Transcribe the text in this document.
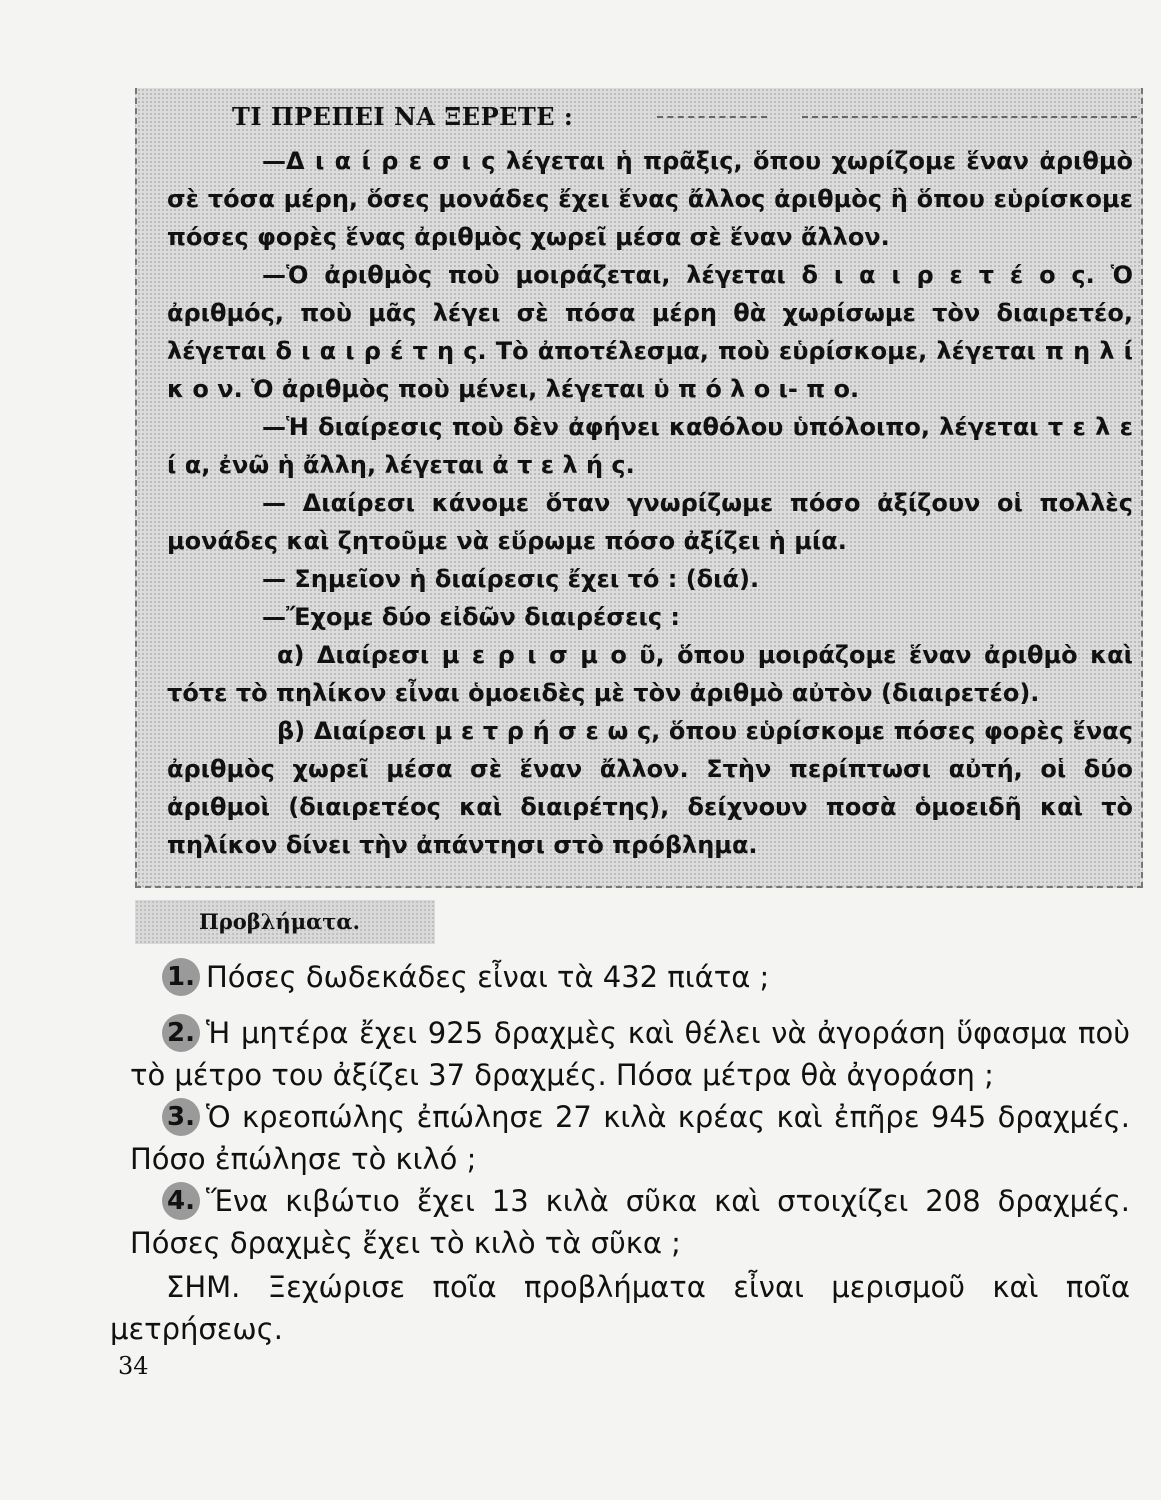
ΤΙ ΠΡΕΠΕΙ ΝΑ ΞΕΡΕΤΕ :

—Δ ι α ί ρ ε σ ι ς λέγεται ἡ πρᾶξις, ὅπου χωρίζομε ἕναν ἀριθμὸ σὲ τόσα μέρη, ὅσες μονάδες ἔχει ἕνας ἄλλος ἀριθμὸς ἢ ὅπου εὑρίσκομε πόσες φορὲς ἕνας ἀριθμὸς χωρεῖ μέσα σὲ ἕναν ἄλλον.

—Ὁ ἀριθμὸς ποὺ μοιράζεται, λέγεται δ ι α ι ρ ε τ έ ο ς. Ὁ ἀριθμός, ποὺ μᾶς λέγει σὲ πόσα μέρη θὰ χωρίσωμε τὸν διαιρετέο, λέγεται δ ι α ι ρ έ τ η ς. Τὸ ἀποτέλεσμα, ποὺ εὑρίσκομε, λέγεται π η λ ί κ ο ν. Ὁ ἀριθμὸς ποὺ μένει, λέγεται ὑ π ό λ ο ι- π ο.

—Ἡ διαίρεσις ποὺ δὲν ἀφήνει καθόλου ὑπόλοιπο, λέγεται τ ε λ ε ί α, ἐνῶ ἡ ἄλλη, λέγεται ἀ τ ε λ ή ς.

— Διαίρεσι κάνομε ὅταν γνωρίζωμε πόσο ἀξίζουν οἱ πολλὲς μονάδες καὶ ζητοῦμε νὰ εὕρωμε πόσο ἀξίζει ἡ μία.

— Σημεῖον ἡ διαίρεσις ἔχει τό : (διά).

—Ἔχομε δύο εἰδῶν διαιρέσεις :

α) Διαίρεσι μ ε ρ ι σ μ ο ῦ, ὅπου μοιράζομε ἕναν ἀριθμὸ καὶ τότε τὸ πηλίκον εἶναι ὁμοειδὲς μὲ τὸν ἀριθμὸ αὐτὸν (διαιρετέο).

β) Διαίρεσι μ ε τ ρ ή σ ε ω ς, ὅπου εὑρίσκομε πόσες φορὲς ἕνας ἀριθμὸς χωρεῖ μέσα σὲ ἕναν ἄλλον. Στὴν περίπτωσι αὐτή, οἱ δύο ἀριθμοὶ (διαιρετέος καὶ διαιρέτης), δείχνουν ποσὰ ὁμοειδῆ καὶ τὸ πηλίκον δίνει τὴν ἀπάντησι στὸ πρόβλημα.

Προβλήματα.
1. Πόσες δωδεκάδες εἶναι τὰ 432 πιάτα ;
2. Ἡ μητέρα ἔχει 925 δραχμὲς καὶ θέλει νὰ ἀγοράση ὕφασμα ποὺ τὸ μέτρο του ἀξίζει 37 δραχμές. Πόσα μέτρα θὰ ἀγοράση ;
3. Ὁ κρεοπώλης ἐπώλησε 27 κιλὰ κρέας καὶ ἐπῆρε 945 δραχμές. Πόσο ἐπώλησε τὸ κιλό ;
4. Ἕνα κιβώτιο ἔχει 13 κιλὰ σῦκα καὶ στοιχίζει 208 δραχμές. Πόσες δραχμὲς ἔχει τὸ κιλὸ τὰ σῦκα ;
ΣΗΜ. Ξεχώρισε ποῖα προβλήματα εἶναι μερισμοῦ καὶ ποῖα μετρήσεως.
34
